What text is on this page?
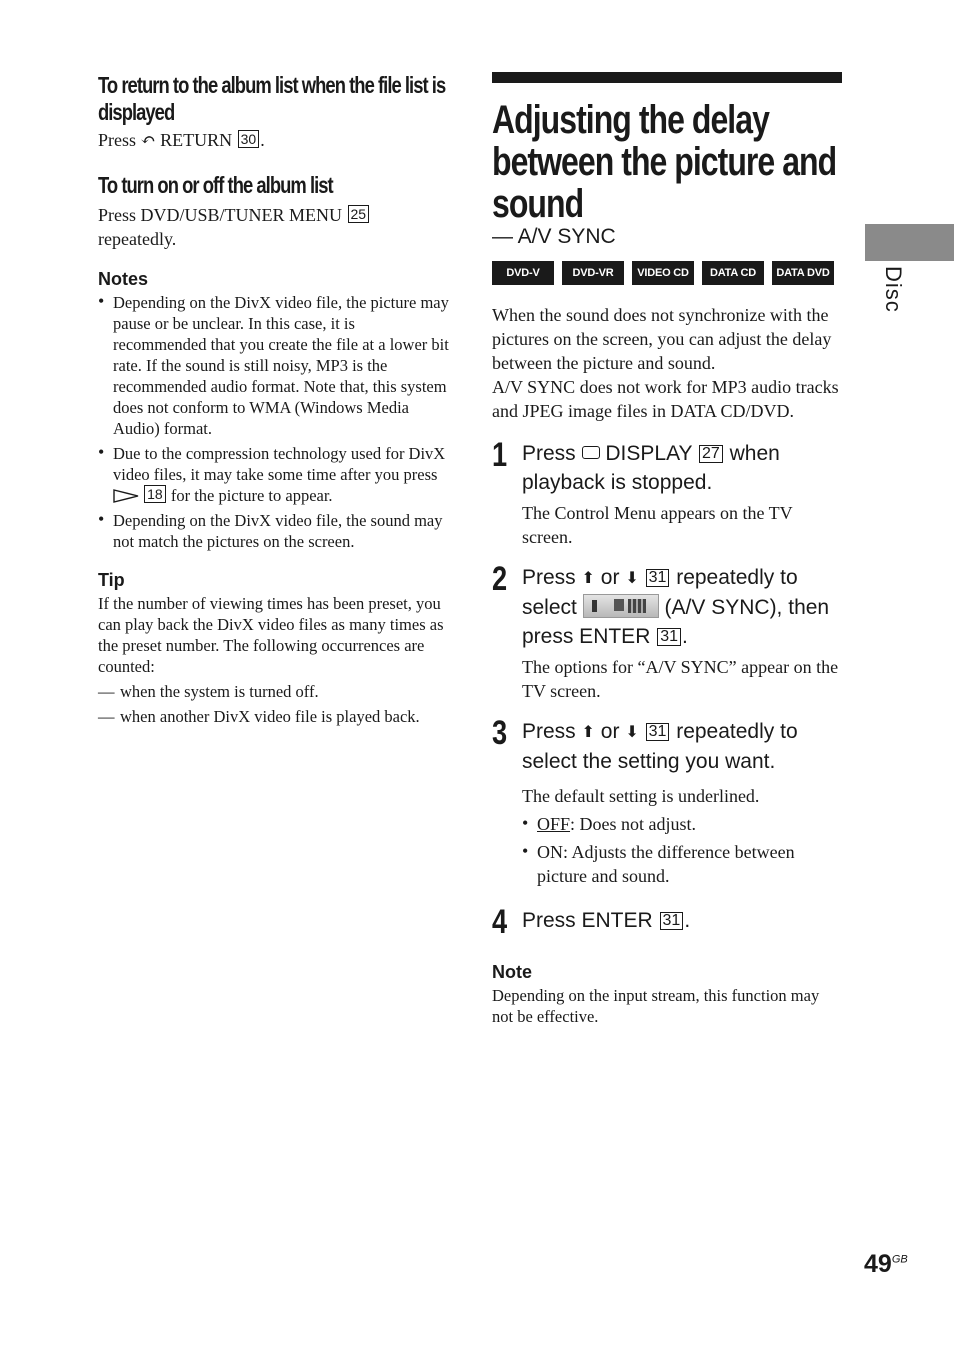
Disc
To return to the album list when the file list is displayed

Press ↶ RETURN 30 .

To turn on or off the album list

Press DVD/USB/TUNER MENU 25 repeatedly.

Notes

• Depending on the DivX video file, the picture may pause or be unclear. In this case, it is recommended that you create the file at a lower bit rate. If the sound is still noisy, MP3 is the recommended audio format. Note that, this system does not conform to WMA (Windows Media Audio) format.
• Due to the compression technology used for DivX video files, it may take some time after you press  18 for the picture to appear.
• Depending on the DivX video file, the sound may not match the pictures on the screen.

Tip

If the number of viewing times has been preset, you can play back the DivX video files as many times as the preset number. The following occurrences are counted:

— when the system is turned off.
— when another DivX video file is played back.
Adjusting the delay between the picture and sound

— A/V SYNC

DVD-V	DVD-VR	VIDEO CD	DATA CD	DATA DVD

When the sound does not synchronize with the pictures on the screen, you can adjust the delay between the picture and sound.

A/V SYNC does not work for MP3 audio tracks and JPEG image files in DATA CD/DVD.

1 Press DISPLAY 27 when playback is stopped.

The Control Menu appears on the TV screen.

2 Press ⬆ or ⬇ 31 repeatedly to select	(A/V SYNC), then press ENTER 31 .

The options for “A/V SYNC” appear on the TV screen.

3 Press ⬆ or ⬇ 31 repeatedly to select the setting you want.

The default setting is underlined.

• OFF: Does not adjust.
• ON: Adjusts the difference between picture and sound.
4 Press ENTER 31 .

Note

Depending on the input stream, this function may not be effective.

$49^{GB}$
